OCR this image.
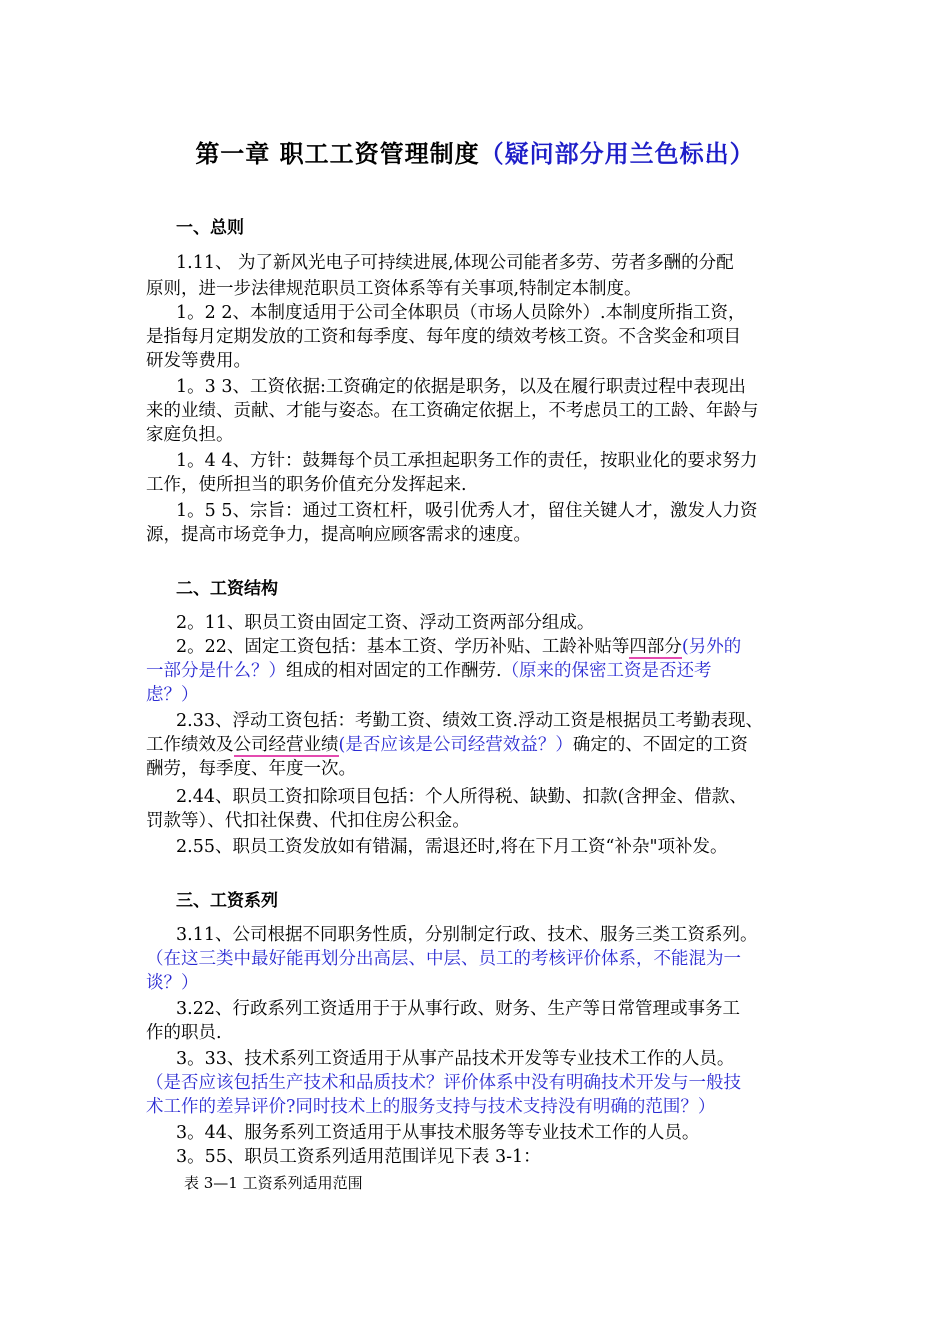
第一章 职工工资管理制度（疑问部分用兰色标出）
一、总则
1.11、 为了新风光电子可持续进展,体现公司能者多劳、劳者多酬的分配
原则，进一步法律规范职员工资体系等有关事项,特制定本制度。
1。2 2、本制度适用于公司全体职员（市场人员除外）.本制度所指工资，
是指每月定期发放的工资和每季度、每年度的绩效考核工资。不含奖金和项目
研发等费用。
1。3 3、工资依据:工资确定的依据是职务，以及在履行职责过程中表现出
来的业绩、贡献、才能与姿态。在工资确定依据上，不考虑员工的工龄、年龄与
家庭负担。
1。4 4、方针：鼓舞每个员工承担起职务工作的责任，按职业化的要求努力
工作，使所担当的职务价值充分发挥起来.
1。5 5、宗旨：通过工资杠杆，吸引优秀人才，留住关键人才，激发人力资
源，提高市场竞争力，提高响应顾客需求的速度。
二、工资结构
2。11、职员工资由固定工资、浮动工资两部分组成。
2。22、固定工资包括：基本工资、学历补贴、工龄补贴等四部分(另外的
一部分是什么？）组成的相对固定的工作酬劳.（原来的保密工资是否还考
虑？）
2.33、浮动工资包括：考勤工资、绩效工资.浮动工资是根据员工考勤表现、
工作绩效及公司经营业绩(是否应该是公司经营效益？）确定的、不固定的工资
酬劳，每季度、年度一次。
2.44、职员工资扣除项目包括：个人所得税、缺勤、扣款(含押金、借款、
罚款等）、代扣社保费、代扣住房公积金。
2.55、职员工资发放如有错漏，需退还时,将在下月工资“补杂"项补发。
三、工资系列
3.11、公司根据不同职务性质，分别制定行政、技术、服务三类工资系列。
（在这三类中最好能再划分出高层、中层、员工的考核评价体系，不能混为一
谈？）
3.22、行政系列工资适用于于从事行政、财务、生产等日常管理或事务工
作的职员.
3。33、技术系列工资适用于从事产品技术开发等专业技术工作的人员。
（是否应该包括生产技术和品质技术？评价体系中没有明确技术开发与一般技
术工作的差异评价?同时技术上的服务支持与技术支持没有明确的范围？）
3。44、服务系列工资适用于从事技术服务等专业技术工作的人员。
3。55、职员工资系列适用范围详见下表 3-1：
表 3—1 工资系列适用范围
